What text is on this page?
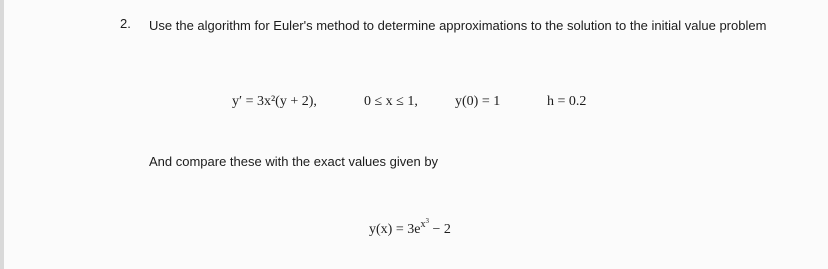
2. Use the algorithm for Euler's method to determine approximations to the solution to the initial value problem
y′ = 3x²(y + 2),	0 ≤ x ≤ 1,	y(0) = 1	h = 0.2
And compare these with the exact values given by
$y(x) = 3e^{x^3} - 2$
